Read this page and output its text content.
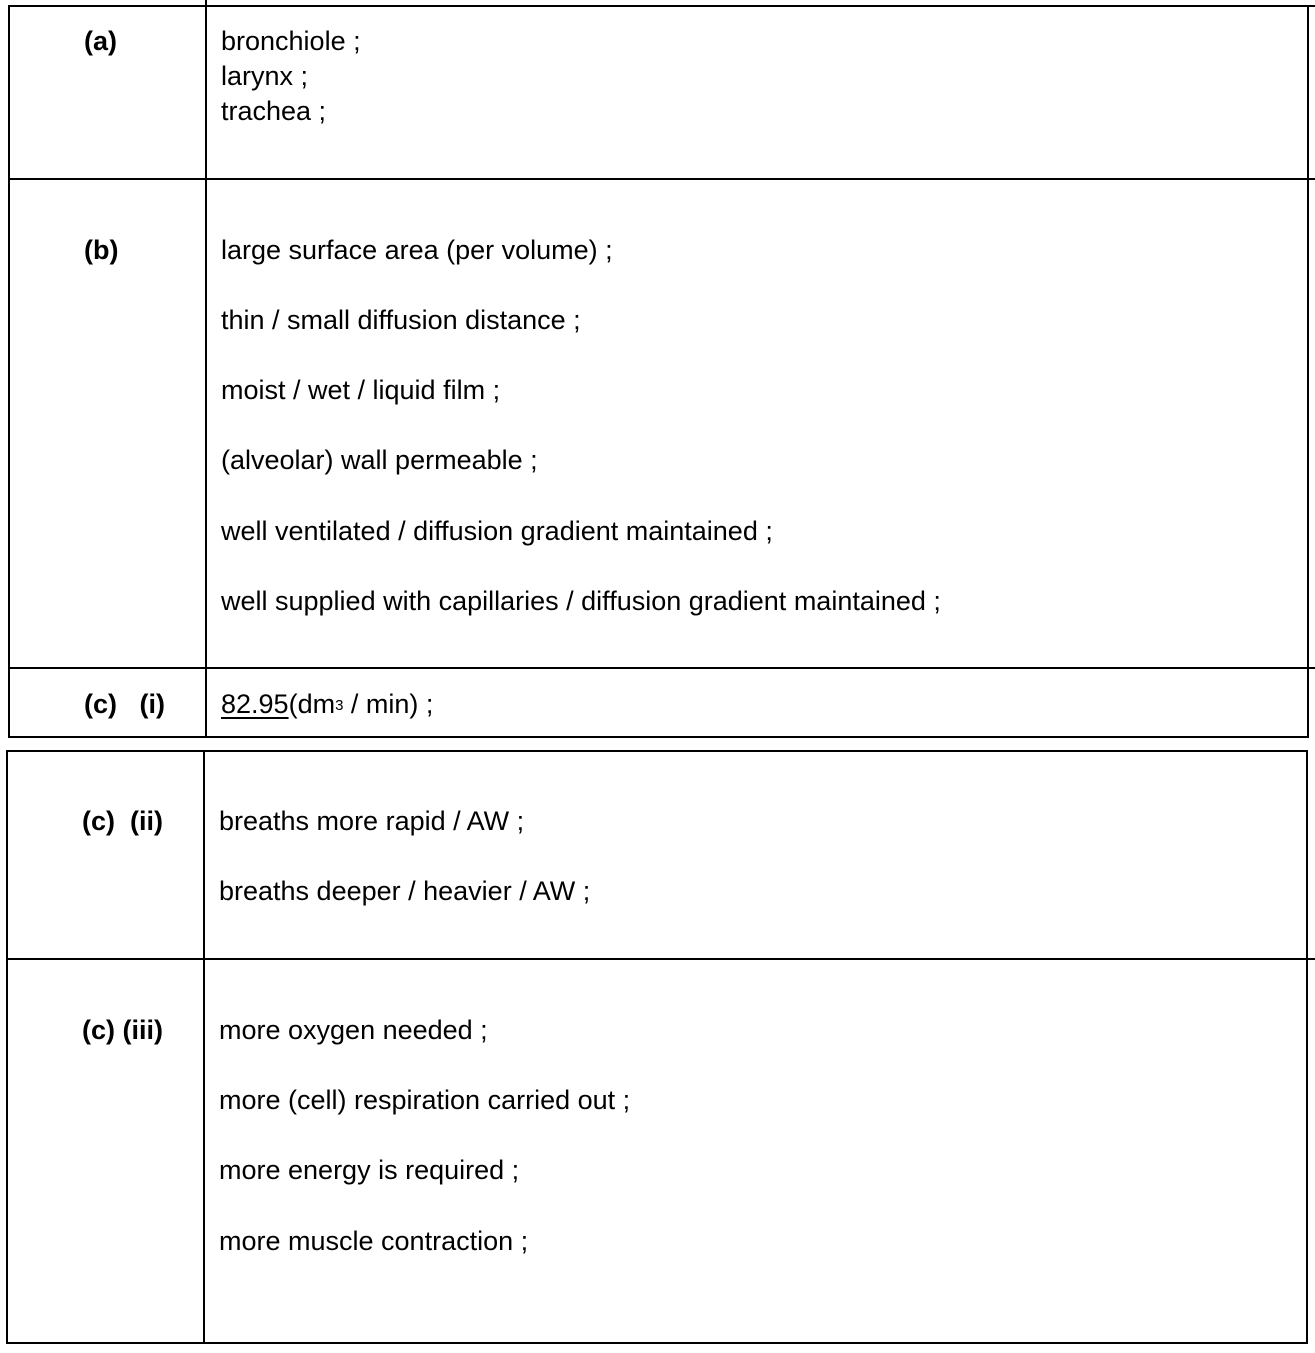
(a)	bronchiole ;
larynx ;
trachea ;
(b)	large surface area (per volume) ;
thin / small diffusion distance ;
moist / wet / liquid film ;
(alveolar) wall permeable ;
well ventilated / diffusion gradient maintained ;
well supplied with capillaries / diffusion gradient maintained ;
(c)   (i) $82.95(dm^3 / \min)$ ;
(c)  (ii) breaths more rapid / AW ;
breaths deeper / heavier / AW ;
(c) (iii) more oxygen needed ;
more (cell) respiration carried out ;
more energy is required ;
more muscle contraction ;
